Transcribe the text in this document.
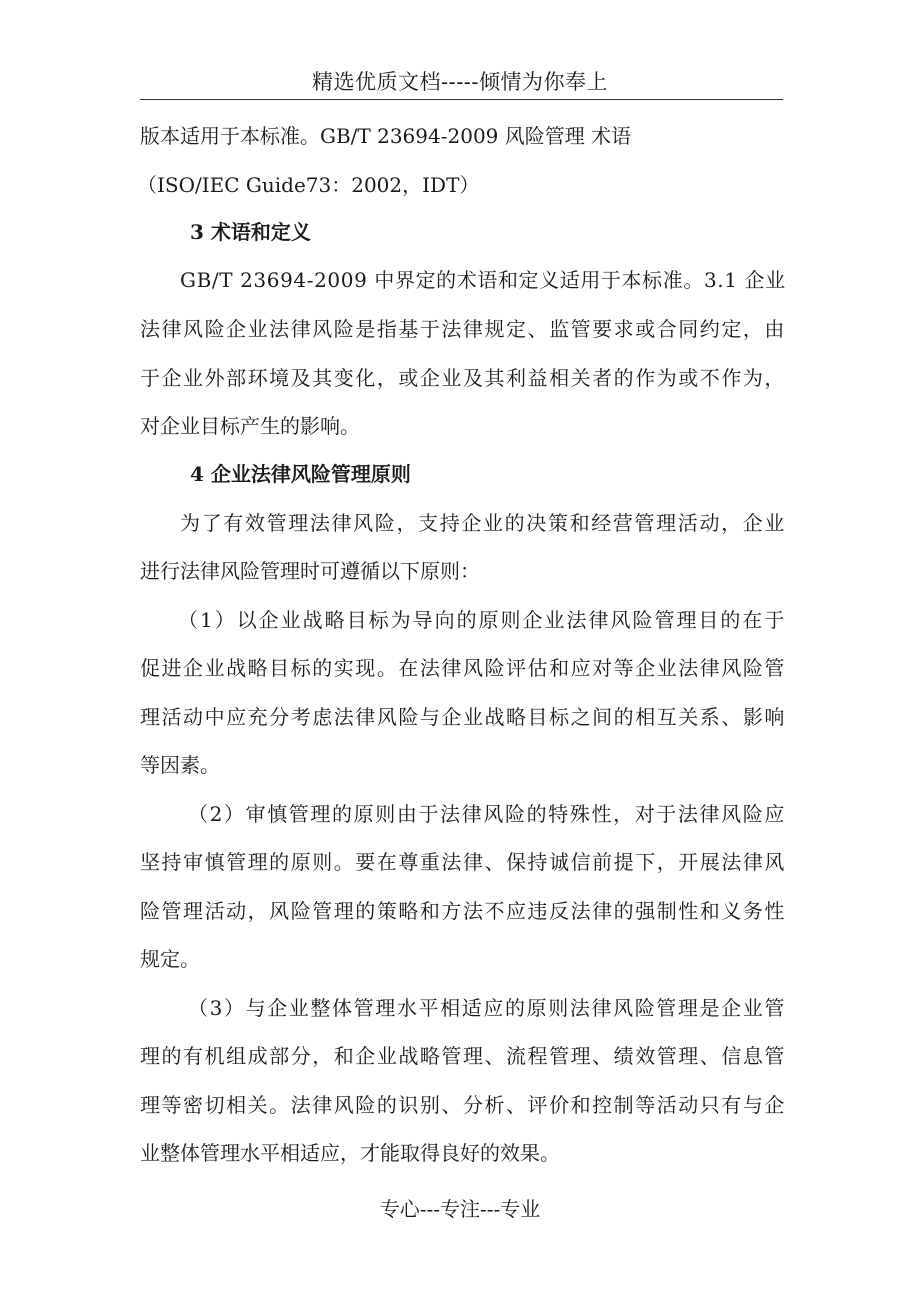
精选优质文档-----倾情为你奉上
版本适用于本标准。GB/T 23694-2009 风险管理 术语
（ISO/IEC Guide73：2002，IDT）
3 术语和定义
GB/T 23694-2009 中界定的术语和定义适用于本标准。3.1 企业
法律风险企业法律风险是指基于法律规定、监管要求或合同约定，由
于企业外部环境及其变化，或企业及其利益相关者的作为或不作为，
对企业目标产生的影响。
4 企业法律风险管理原则
为了有效管理法律风险，支持企业的决策和经营管理活动，企业
进行法律风险管理时可遵循以下原则：
（1）以企业战略目标为导向的原则企业法律风险管理目的在于
促进企业战略目标的实现。在法律风险评估和应对等企业法律风险管
理活动中应充分考虑法律风险与企业战略目标之间的相互关系、影响
等因素。
（2）审慎管理的原则由于法律风险的特殊性，对于法律风险应
坚持审慎管理的原则。要在尊重法律、保持诚信前提下，开展法律风
险管理活动，风险管理的策略和方法不应违反法律的强制性和义务性
规定。
（3）与企业整体管理水平相适应的原则法律风险管理是企业管
理的有机组成部分，和企业战略管理、流程管理、绩效管理、信息管
理等密切相关。法律风险的识别、分析、评价和控制等活动只有与企
业整体管理水平相适应，才能取得良好的效果。
专心---专注---专业
